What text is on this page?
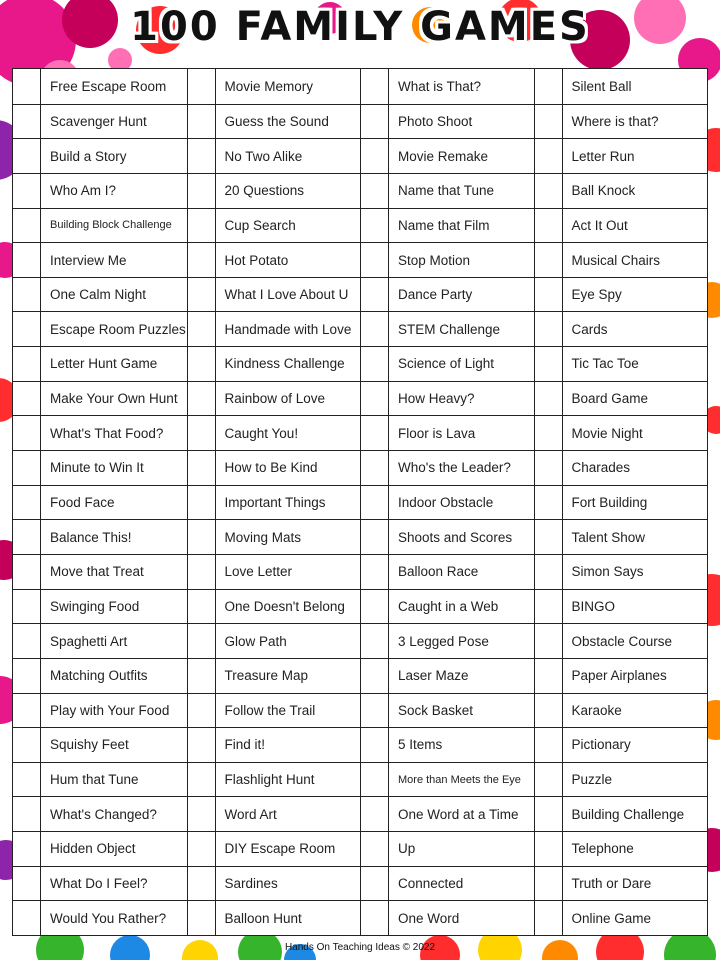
100 FAMILY GAMES
Free Escape Room
Scavenger Hunt
Build a Story
Who Am I?
Building Block Challenge
Interview Me
One Calm Night
Escape Room Puzzles
Letter Hunt Game
Make Your Own Hunt
What's That Food?
Minute to Win It
Food Face
Balance This!
Move that Treat
Swinging Food
Spaghetti Art
Matching Outfits
Play with Your Food
Squishy Feet
Hum that Tune
What's Changed?
Hidden Object
What Do I Feel?
Would You Rather?
Movie Memory
Guess the Sound
No Two Alike
20 Questions
Cup Search
Hot Potato
What I Love About U
Handmade with Love
Kindness Challenge
Rainbow of Love
Caught You!
How to Be Kind
Important Things
Moving Mats
Love Letter
One Doesn't Belong
Glow Path
Treasure Map
Follow the Trail
Find it!
Flashlight Hunt
Word Art
DIY Escape Room
Sardines
Balloon Hunt
What is That?
Photo Shoot
Movie Remake
Name that Tune
Name that Film
Stop Motion
Dance Party
STEM Challenge
Science of Light
How Heavy?
Floor is Lava
Who's the Leader?
Indoor Obstacle
Shoots and Scores
Balloon Race
Caught in a Web
3 Legged Pose
Laser Maze
Sock Basket
5 Items
More than Meets the Eye
One Word at a Time
Up
Connected
One Word
Silent Ball
Where is that?
Letter Run
Ball Knock
Act It Out
Musical Chairs
Eye Spy
Cards
Tic Tac Toe
Board Game
Movie Night
Charades
Fort Building
Talent Show
Simon Says
BINGO
Obstacle Course
Paper Airplanes
Karaoke
Pictionary
Puzzle
Building Challenge
Telephone
Truth or Dare
Online Game
Hands On Teaching Ideas © 2022
